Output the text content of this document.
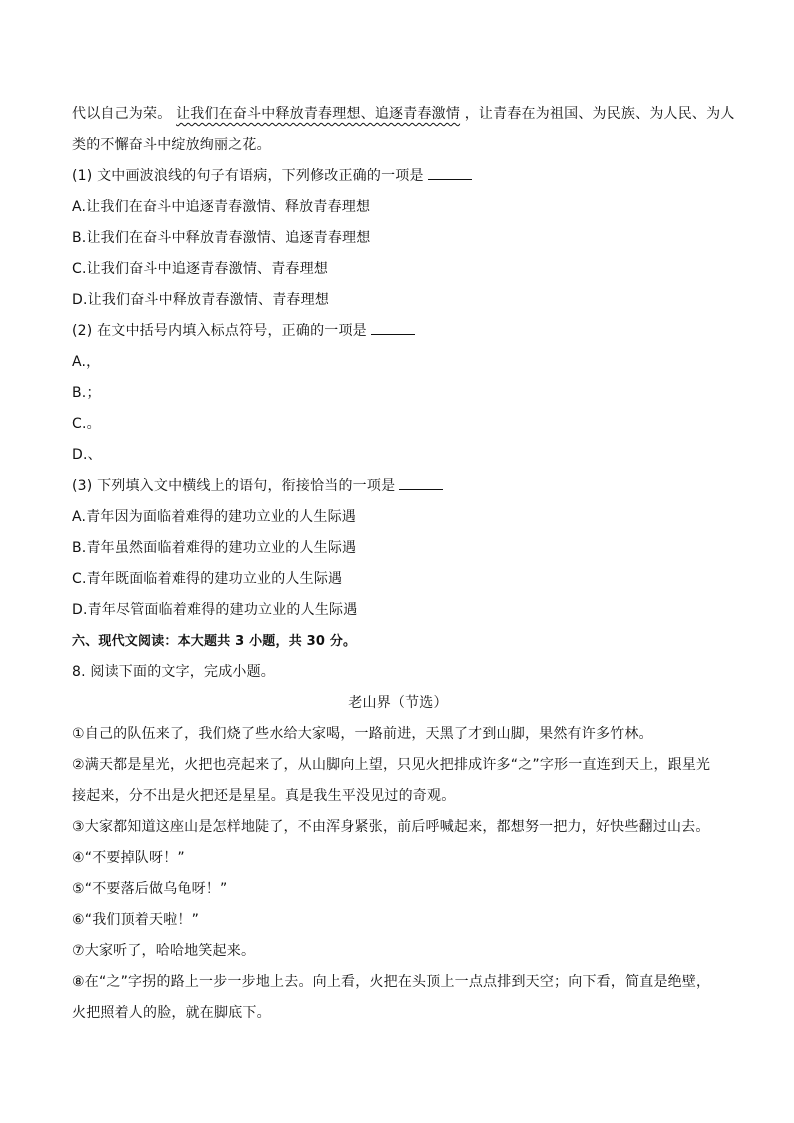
代以自己为荣。 让我们在奋斗中释放青春理想、追逐青春激情 ，让青春在为祖国、为民族、为人民、为人
类的不懈奋斗中绽放绚丽之花。
(1) 文中画波浪线的句子有语病，下列修改正确的一项是
A.让我们在奋斗中追逐青春激情、释放青春理想
B.让我们在奋斗中释放青春激情、追逐青春理想
C.让我们奋斗中追逐青春激情、青春理想
D.让我们奋斗中释放青春激情、青春理想
(2) 在文中括号内填入标点符号，正确的一项是
A.，
B.；
C.。
D.、
(3) 下列填入文中横线上的语句，衔接恰当的一项是
A.青年因为面临着难得的建功立业的人生际遇
B.青年虽然面临着难得的建功立业的人生际遇
C.青年既面临着难得的建功立业的人生际遇
D.青年尽管面临着难得的建功立业的人生际遇
六、现代文阅读：本大题共 3 小题，共 30 分。
8. 阅读下面的文字，完成小题。
老山界（节选）
①自己的队伍来了，我们烧了些水给大家喝，一路前进，天黑了才到山脚，果然有许多竹林。
②满天都是星光，火把也亮起来了，从山脚向上望，只见火把排成许多“之”字形一直连到天上，跟星光
接起来，分不出是火把还是星星。真是我生平没见过的奇观。
③大家都知道这座山是怎样地陡了，不由浑身紧张，前后呼喊起来，都想努一把力，好快些翻过山去。
④“不要掉队呀！”
⑤“不要落后做乌龟呀！”
⑥“我们顶着天啦！”
⑦大家听了，哈哈地笑起来。
⑧在“之”字拐的路上一步一步地上去。向上看，火把在头顶上一点点排到天空；向下看，简直是绝壁，
火把照着人的脸，就在脚底下。
